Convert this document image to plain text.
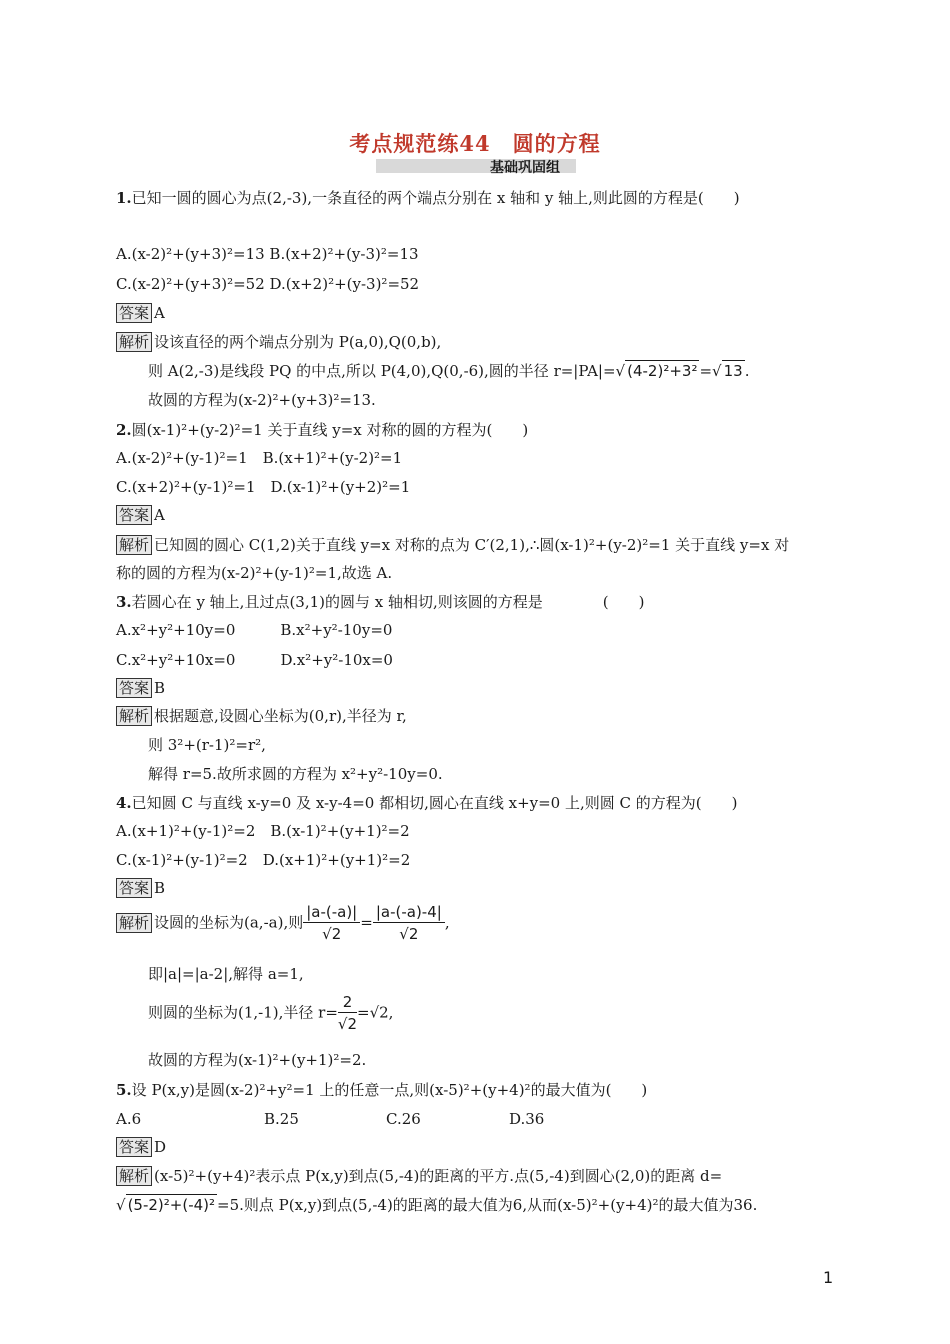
考点规范练44　圆的方程
基础巩固组
1.已知一圆的圆心为点(2,-3),一条直径的两个端点分别在 x 轴和 y 轴上,则此圆的方程是(　　)
A.(x-2)²+(y+3)²=13 B.(x+2)²+(y-3)²=13
C.(x-2)²+(y+3)²=52 D.(x+2)²+(y-3)²=52
答案 A
解析 设该直径的两个端点分别为 P(a,0),Q(0,b),
则 A(2,-3)是线段 PQ 的中点,所以 P(4,0),Q(0,-6),圆的半径 r=|PA|=√ (4-2)²+3² =√ 13 .
故圆的方程为(x-2)²+(y+3)²=13.
2.圆(x-1)²+(y-2)²=1 关于直线 y=x 对称的圆的方程为(　　)
A.(x-2)²+(y-1)²=1　B.(x+1)²+(y-2)²=1
C.(x+2)²+(y-1)²=1　D.(x-1)²+(y+2)²=1
答案 A
解析 已知圆的圆心 C(1,2)关于直线 y=x 对称的点为 C′(2,1),∴圆(x-1)²+(y-2)²=1 关于直线 y=x 对
称的圆的方程为(x-2)²+(y-1)²=1,故选 A.
3.若圆心在 y 轴上,且过点(3,1)的圆与 x 轴相切,则该圆的方程是　　　　(　　)
A.x²+y²+10y=0　　　B.x²+y²-10y=0
C.x²+y²+10x=0　　　D.x²+y²-10x=0
答案 B
解析 根据题意,设圆心坐标为(0,r),半径为 r,
则 3²+(r-1)²=r²,
解得 r=5.故所求圆的方程为 x²+y²-10y=0.
4.已知圆 C 与直线 x-y=0 及 x-y-4=0 都相切,圆心在直线 x+y=0 上,则圆 C 的方程为(　　)
A.(x+1)²+(y-1)²=2　B.(x-1)²+(y+1)²=2
C.(x-1)²+(y-1)²=2　D.(x+1)²+(y+1)²=2
答案 B
解析 设圆的坐标为(a,-a),则 $\frac{|a-(-a)|}{√2} = \frac{|a-(-a)-4|}{√2}$ ,
即|a|=|a-2|,解得 a=1,
则圆的坐标为(1,-1),半径 $r= \frac{2}{√2} =√2$,
故圆的方程为(x-1)²+(y+1)²=2.
5.设 P(x,y)是圆(x-2)²+y²=1 上的任意一点,则(x-5)²+(y+4)²的最大值为(　　)
A.6	B.25	C.26	D.36
答案 D
解析 (x-5)²+(y+4)²表示点 P(x,y)到点(5,-4)的距离的平方.点(5,-4)到圆心(2,0)的距离 d=
√ (5-2)²+(-4)² =5.则点 P(x,y)到点(5,-4)的距离的最大值为6,从而(x-5)²+(y+4)²的最大值为36.
1
